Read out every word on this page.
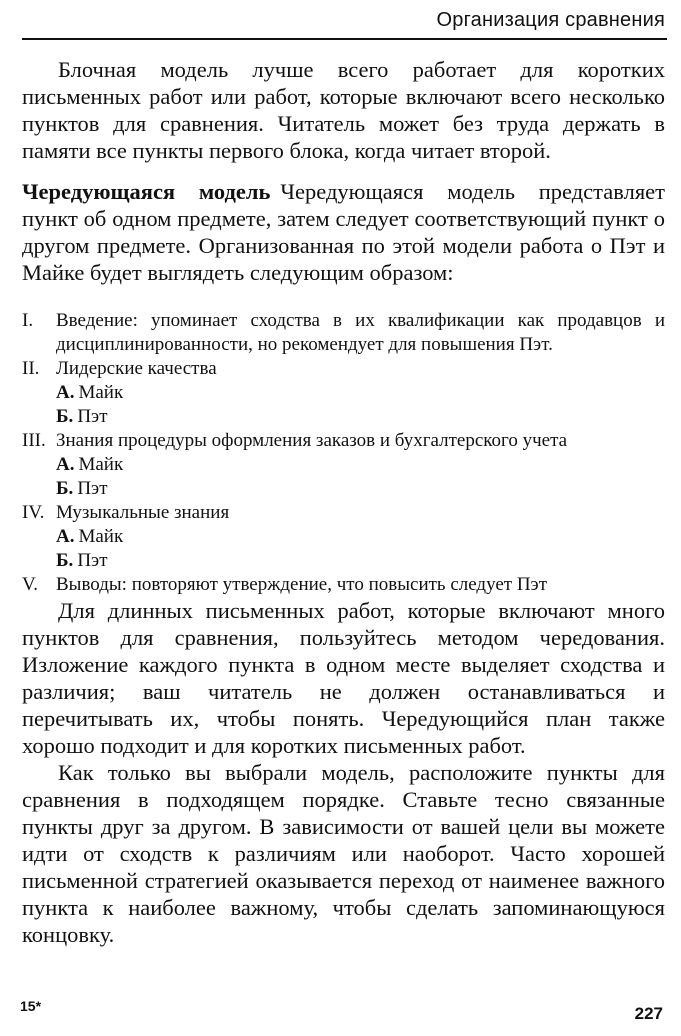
Организация сравнения

Блочная модель лучше всего работает для коротких письменных работ или работ, которые включают всего несколько пунктов для сравнения. Читатель может без труда держать в памяти все пункты первого блока, когда читает второй.

Чередующаяся модель Чередующаяся модель представляет пункт об одном предмете, затем следует соответствующий пункт о другом предмете. Организованная по этой модели работа о Пэт и Майке будет выглядеть следующим образом:

I.	Введение: упоминает сходства в их квалификации как продавцов и дисциплинированности, но рекомендует для повышения Пэт.
II. Лидерские качества
А. Майк
Б. Пэт
III. Знания процедуры оформления заказов и бухгалтерского учета
А. Майк
Б. Пэт
IV. Музыкальные знания
А. Майк
Б. Пэт
V. Выводы: повторяют утверждение, что повысить следует Пэт

Для длинных письменных работ, которые включают много пунктов для сравнения, пользуйтесь методом чередования. Изложение каждого пункта в одном месте выделяет сходства и различия; ваш читатель не должен останавливаться и перечитывать их, чтобы понять. Чередующийся план также хорошо подходит и для коротких письменных работ.

Как только вы выбрали модель, расположите пункты для сравнения в подходящем порядке. Ставьте тесно связанные пункты друг за другом. В зависимости от вашей цели вы можете идти от сходств к различиям или наоборот. Часто хорошей письменной стратегией оказывается переход от наименее важного пункта к наиболее важному, чтобы сделать запоминающуюся концовку.

15*	227
